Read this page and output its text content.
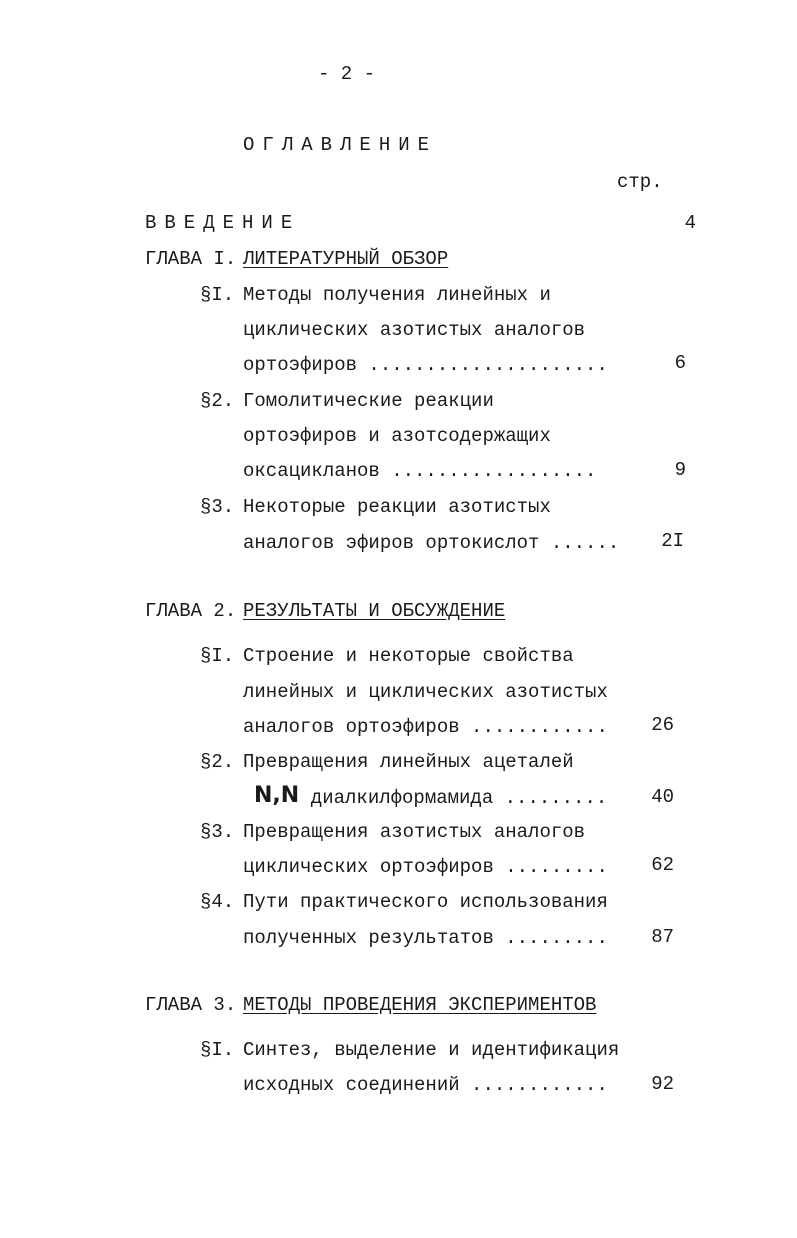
- 2 -
ОГЛАВЛЕНИЕ
стр.
ВВЕДЕНИЕ	4
ГЛАВА I. ЛИТЕРАТУРНЫЙ ОБЗОР
§I. Методы получения линейных и
циклических азотистых аналогов
ортоэфиров .....................	6
§2. Гомолитические реакции
ортоэфиров и азотсодержащих
оксацикланов ..................	9
§3. Некоторые реакции азотистых
аналогов эфиров ортокислот ......	2I
ГЛАВА 2. РЕЗУЛЬТАТЫ И ОБСУЖДЕНИЕ
§I. Строение и некоторые свойства
линейных и циклических азотистых
аналогов ортоэфиров ............	26
§2. Превращения линейных ацеталей
N,N
- диалкилформамида .........	40
§3. Превращения азотистых аналогов
циклических ортоэфиров .........	62
§4. Пути практического использования
полученных результатов .........	87
ГЛАВА 3. МЕТОДЫ ПРОВЕДЕНИЯ ЭКСПЕРИМЕНТОВ
§I. Синтез, выделение и идентификация
исходных соединений ............	92
